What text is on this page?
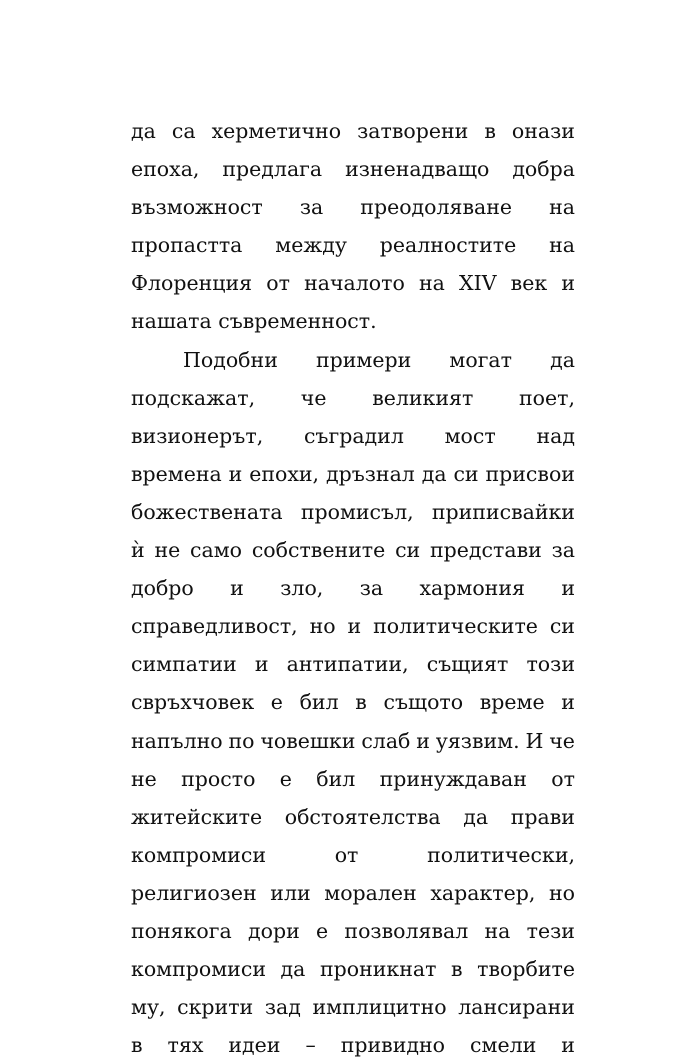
да са херметично затворени в онази
епоха, предлага изненадващо добра
възможност за преодоляване на
пропастта между реалностите на
Флоренция от началото на XIV век и
нашата съвременност.
Подобни примери могат да
подскажат, че великият поет,
визионерът, съградил мост над
времена и епохи, дръзнал да си присвои
божествената промисъл, приписвайки
ѝ не само собствените си представи за
добро и зло, за хармония и
справедливост, но и политическите си
симпатии и антипатии, същият този
свръхчовек е бил в същото време и
напълно по човешки слаб и уязвим. И че
не просто е бил принуждаван от
житейските обстоятелства да прави
компромиси	от	политически,
религиозен или морален характер, но
понякога дори е позволявал на тези
компромиси да проникнат в творбите
му, скрити зад имплицитно лансирани
в тях идеи – привидно смели и
